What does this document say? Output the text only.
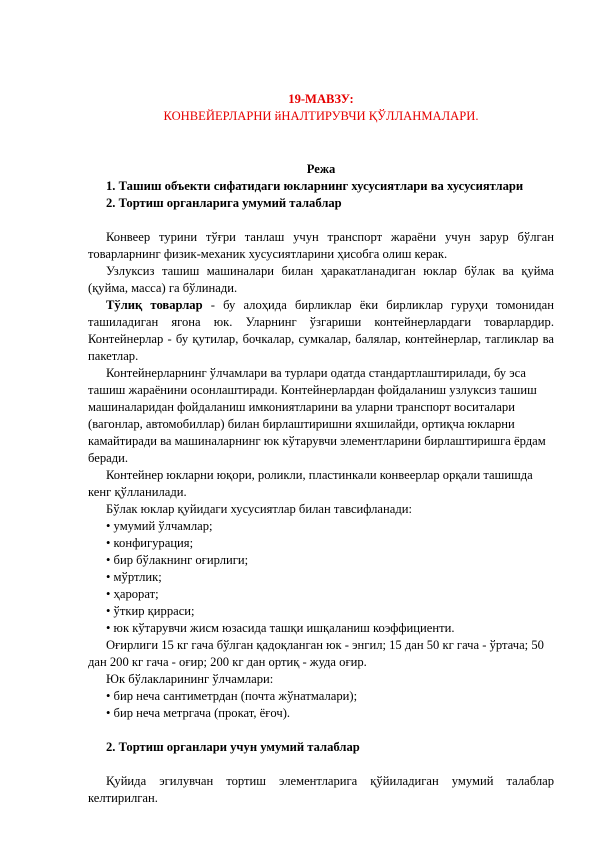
19-МАВЗУ:

КОНВЕЙЕРЛАРНИ йНАЛТИРУВЧИ ҚЎЛЛАНМАЛАРИ.

Режа

1. Ташиш объекти сифатидаги юкларнинг хусусиятлари ва хусусиятлари

2. Тортиш органларига умумий талаблар

Конвеер турини тўғри танлаш учун транспорт жараёни учун зарур бўлган товарларнинг физик-механик хусусиятларини ҳисобга олиш керак.

Узлуксиз ташиш машиналари билан ҳаракатланадиган юклар бўлак ва қуйма (қуйма, масса) га бўлинади.

Тўлиқ товарлар - бу алоҳида бирликлар ёки бирликлар гуруҳи томонидан ташиладиган ягона юк. Уларнинг ўзгариши контейнерлардаги товарлардир. Контейнерлар - бу қутилар, бочкалар, сумкалар, балялар, контейнерлар, тагликлар ва пакетлар.

Контейнерларнинг ўлчамлари ва турлари одатда стандартлаштирилади, бу эса ташиш жараёнини осонлаштиради. Контейнерлардан фойдаланиш узлуксиз ташиш машиналаридан фойдаланиш имкониятларини ва уларни транспорт воситалари (вагонлар, автомобиллар) билан бирлаштиришни яхшилайди, ортиқча юкларни камайтиради ва машиналарнинг юк кўтарувчи элементларини бирлаштиришга ёрдам беради.

Контейнер юкларни юқори, роликли, пластинкали конвеерлар орқали ташишда кенг қўлланилади.

Бўлак юклар қуйидаги хусусиятлар билан тавсифланади:

• умумий ўлчамлар;

• конфигурация;

• бир бўлакнинг оғирлиги;

• мўртлик;

• ҳарорат;

• ўткир қирраси;

• юк кўтарувчи жисм юзасида ташқи ишқаланиш коэффициенти.

Оғирлиги 15 кг гача бўлган қадоқланган юк - энгил; 15 дан 50 кг гача - ўртача; 50 дан 200 кг гача - оғир; 200 кг дан ортиқ - жуда оғир.

Юк бўлакларининг ўлчамлари:

• бир неча сантиметрдан (почта жўнатмалари);

• бир неча метргача (прокат, ёғоч).

2. Тортиш органлари учун умумий талаблар

Қуйида эгилувчан тортиш элементларига қўйиладиган умумий талаблар келтирилган.
